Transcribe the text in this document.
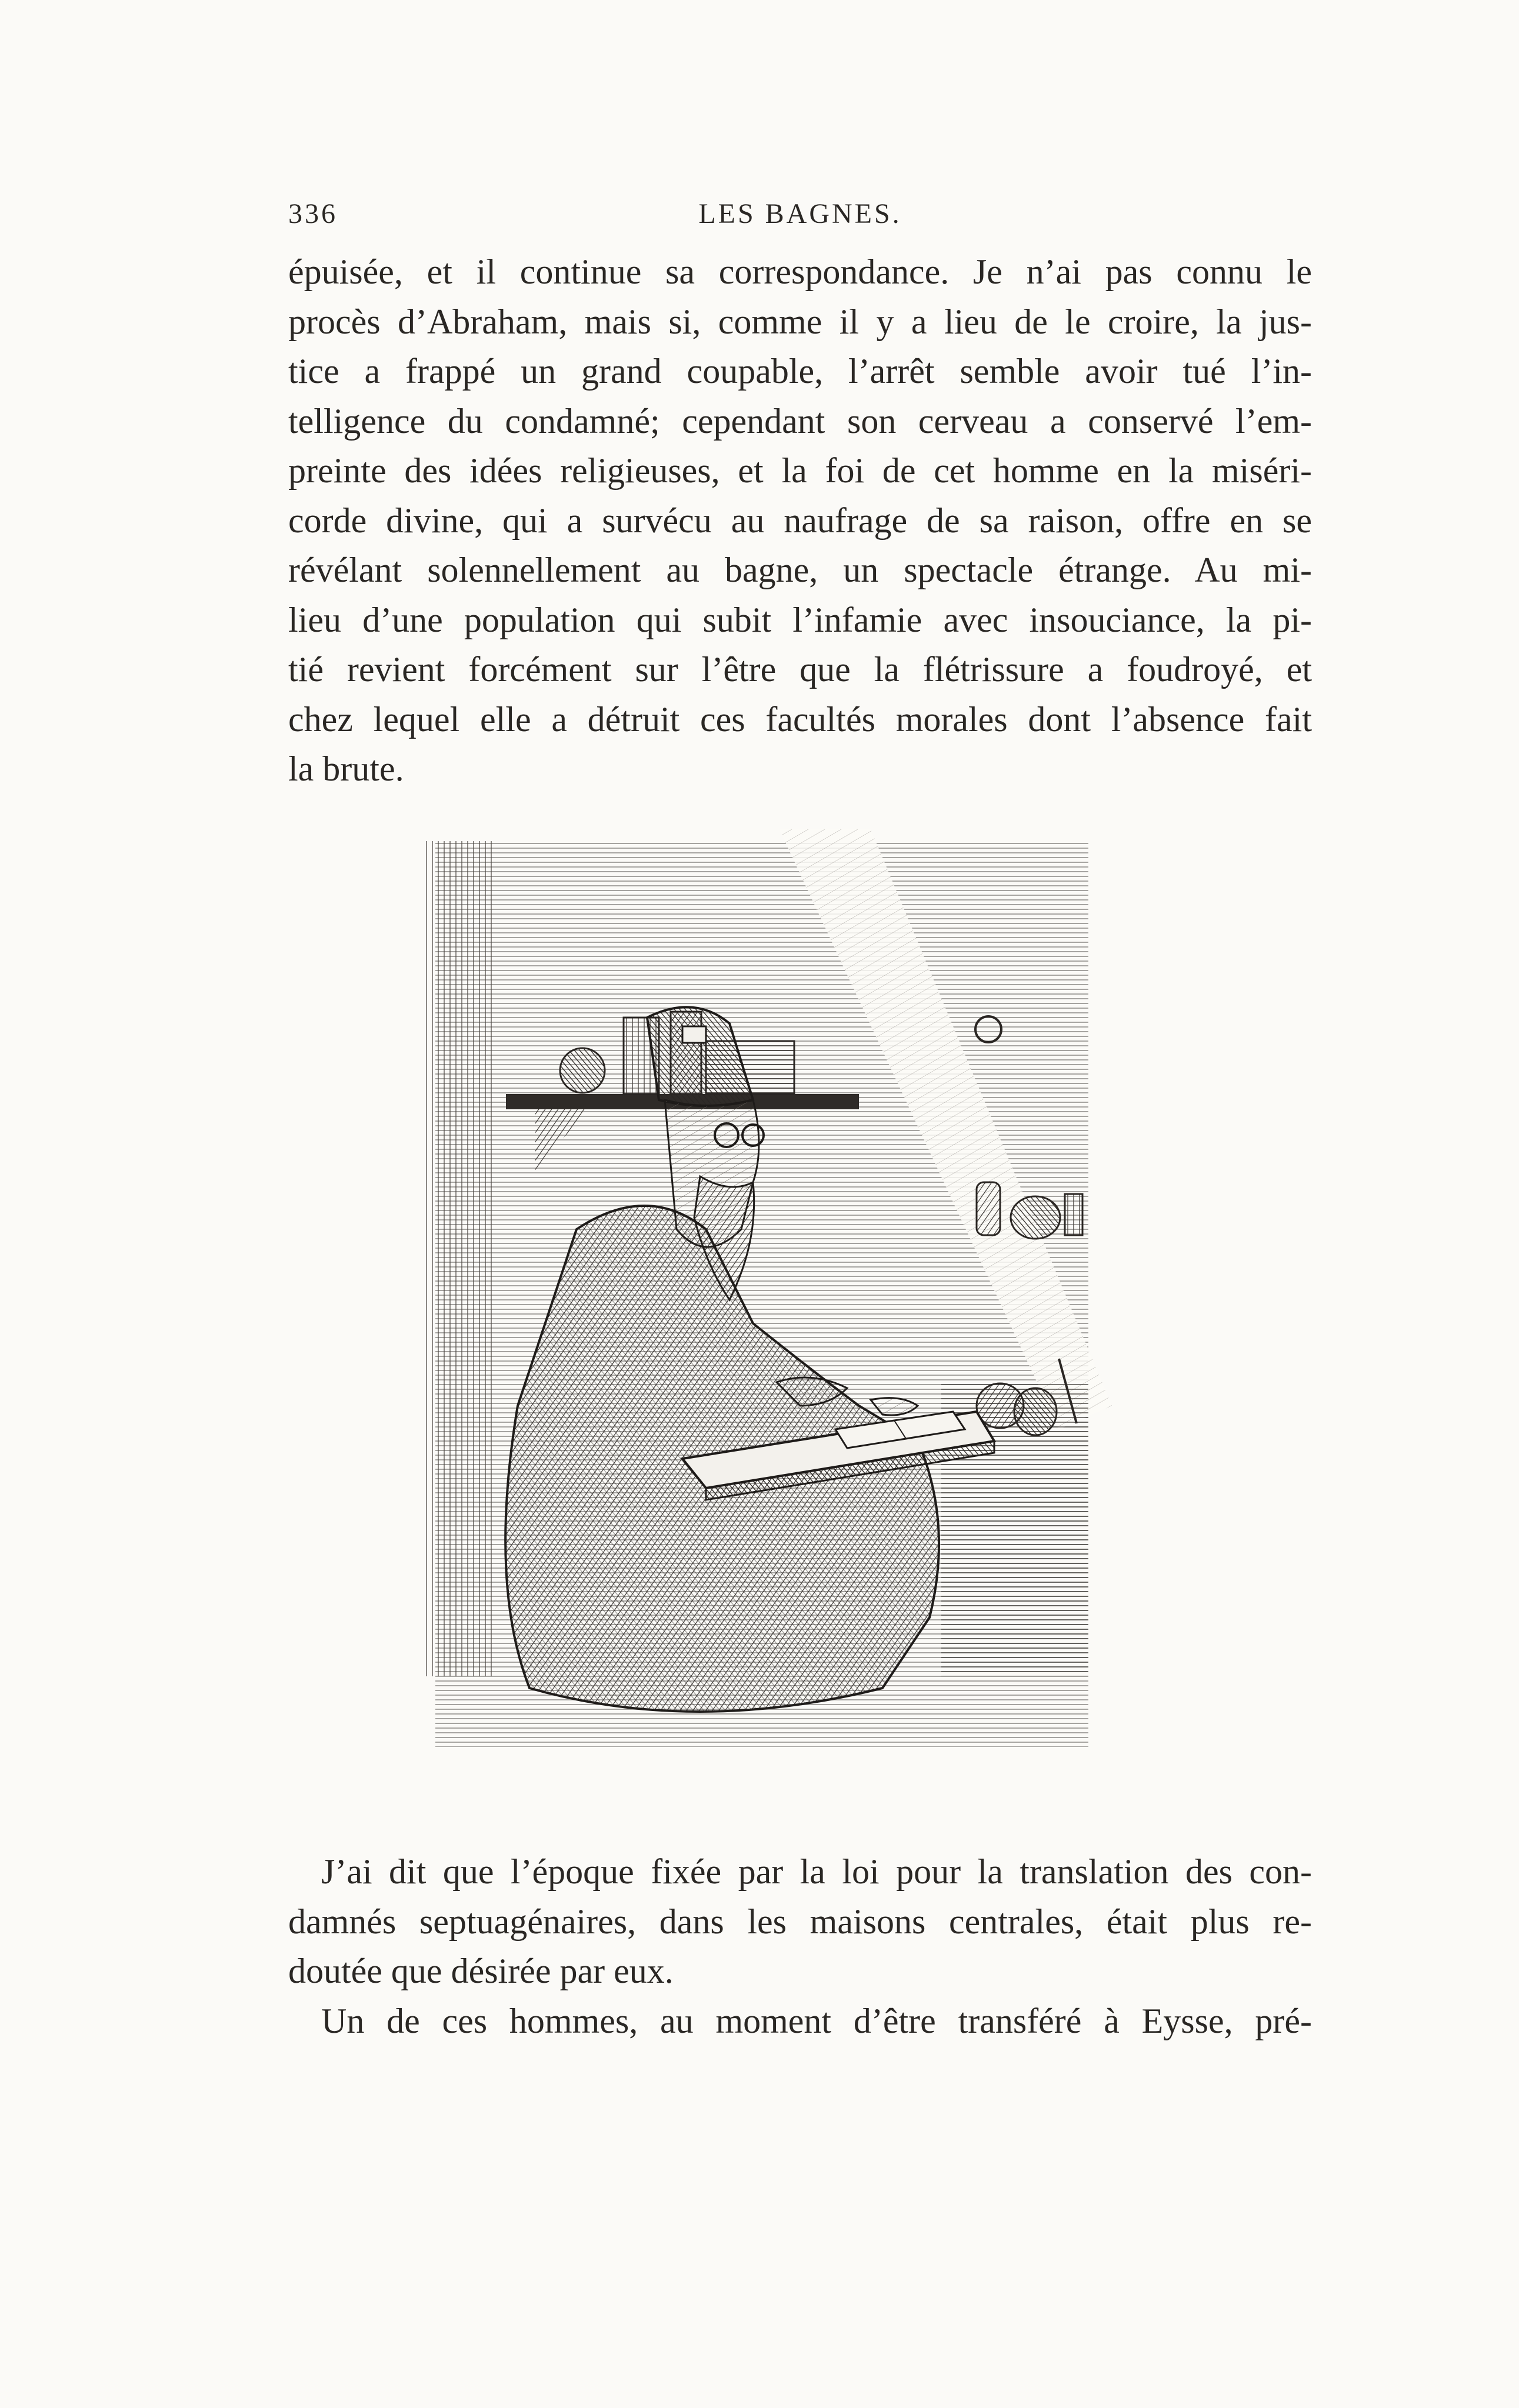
336	LES BAGNES.
épuisée, et il continue sa correspondance. Je n’ai pas connu le
procès d’Abraham, mais si, comme il y a lieu de le croire, la jus-
tice a frappé un grand coupable, l’arrêt semble avoir tué l’in-
telligence du condamné; cependant son cerveau a conservé l’em-
preinte des idées religieuses, et la foi de cet homme en la miséri-
corde divine, qui a survécu au naufrage de sa raison, offre en se
révélant solennellement au bagne, un spectacle étrange. Au mi-
lieu d’une population qui subit l’infamie avec insouciance, la pi-
tié revient forcément sur l’être que la flétrissure a foudroyé, et
chez lequel elle a détruit ces facultés morales dont l’absence fait
la brute.
J’ai dit que l’époque fixée par la loi pour la translation des con-
damnés septuagénaires, dans les maisons centrales, était plus re-
doutée que désirée par eux.
Un de ces hommes, au moment d’être transféré à Eysse, pré-
